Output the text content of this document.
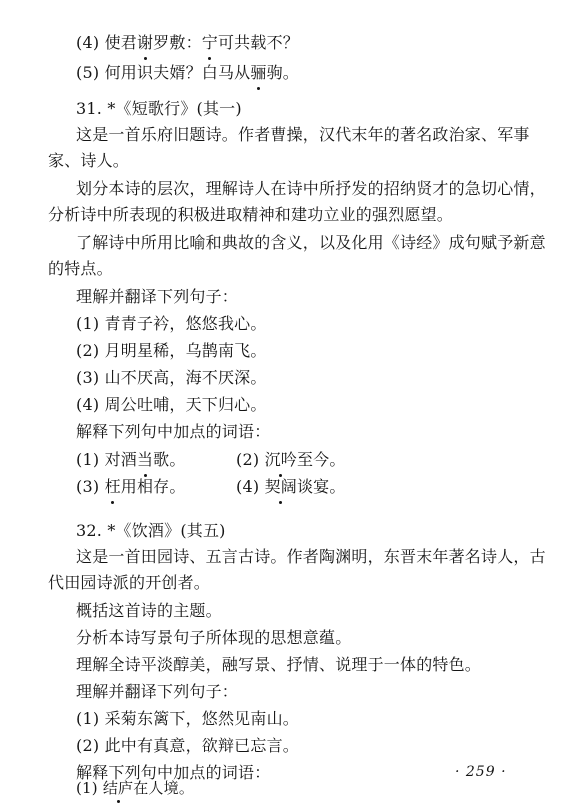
(4) 使君谢罗敷：宁可共载不？
(5) 何用识夫婿？白马从骊驹。
31. *《短歌行》(其一)
这是一首乐府旧题诗。作者曹操，汉代末年的著名政治家、军事
家、诗人。
划分本诗的层次，理解诗人在诗中所抒发的招纳贤才的急切心情，
分析诗中所表现的积极进取精神和建功立业的强烈愿望。
了解诗中所用比喻和典故的含义，以及化用《诗经》成句赋予新意
的特点。
理解并翻译下列句子：
(1) 青青子衿，悠悠我心。
(2) 月明星稀，乌鹊南飞。
(3) 山不厌高，海不厌深。
(4) 周公吐哺，天下归心。
解释下列句中加点的词语：
(1) 对酒当歌。	(2) 沉吟至今。
(3) 枉用相存。	(4) 契阔谈宴。
32. *《饮酒》(其五)
这是一首田园诗、五言古诗。作者陶渊明，东晋末年著名诗人，古
代田园诗派的开创者。
概括这首诗的主题。
分析本诗写景句子所体现的思想意蕴。
理解全诗平淡醇美，融写景、抒情、说理于一体的特色。
理解并翻译下列句子：
(1) 采菊东篱下，悠然见南山。
(2) 此中有真意，欲辩已忘言。
解释下列句中加点的词语：	· 259 ·
(1) 结庐在人境。
